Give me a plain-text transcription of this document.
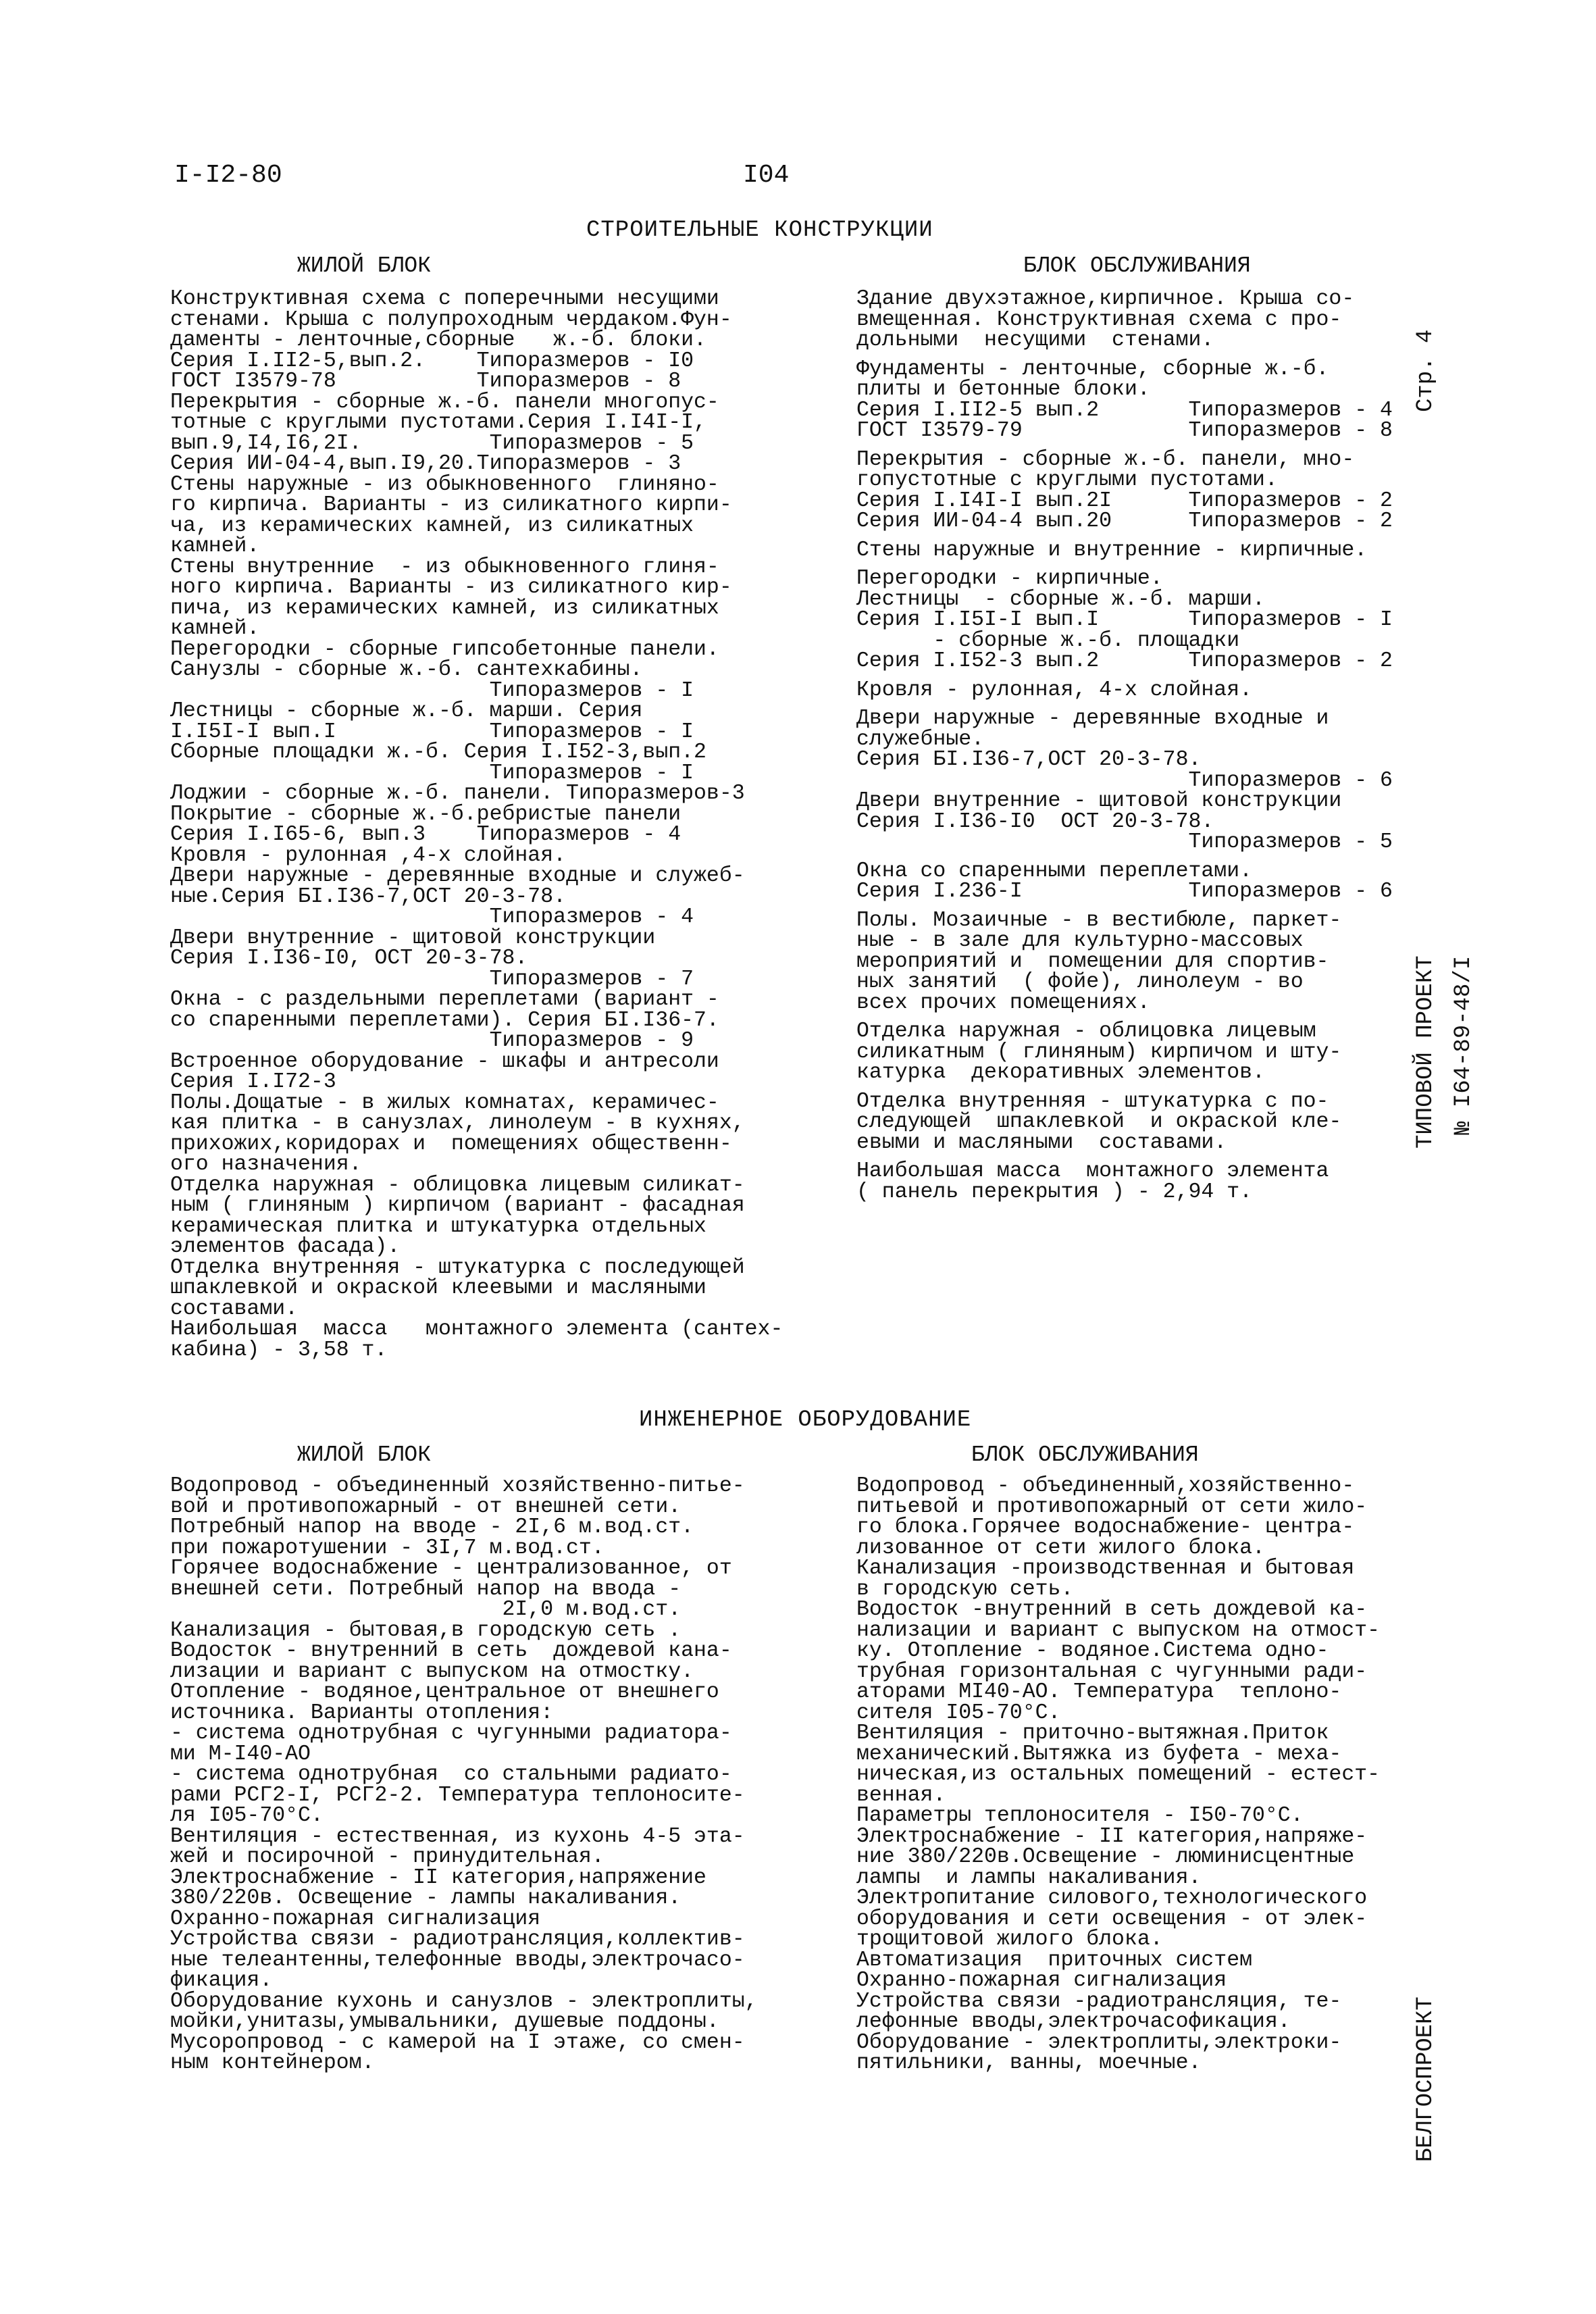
I-I2-80	I04
СТРОИТЕЛЬНЫЕ КОНСТРУКЦИИ
ЖИЛОЙ БЛОК	БЛОК ОБСЛУЖИВАНИЯ
Конструктивная схема с поперечными несущими
стенами. Крыша с полупроходным чердаком.Фун-
даменты - ленточные,сборные   ж.-б. блоки.
Серия I.II2-5,вып.2.    Типоразмеров - I0
ГОСТ I3579-78           Типоразмеров - 8
Перекрытия - сборные ж.-б. панели многопус-
тотные с круглыми пустотами.Серия I.I4I-I,
вып.9,I4,I6,2I.          Типоразмеров - 5
Серия ИИ-04-4,вып.I9,20.Типоразмеров - 3
Стены наружные - из обыкновенного  глиняно-
го кирпича. Варианты - из силикатного кирпи-
ча, из керамических камней, из силикатных
камней.
Стены внутренние  - из обыкновенного глиня-
ного кирпича. Варианты - из силикатного кир-
пича, из керамических камней, из силикатных
камней.
Перегородки - сборные гипсобетонные панели.
Санузлы - сборные ж.-б. сантехкабины.
Типоразмеров - I
Лестницы - сборные ж.-б. марши. Серия
I.I5I-I вып.I            Типоразмеров - I
Сборные площадки ж.-б. Серия I.I52-3,вып.2
Типоразмеров - I
Лоджии - сборные ж.-б. панели. Типоразмеров-3
Покрытие - сборные ж.-б.ребристые панели
Серия I.I65-6, вып.3    Типоразмеров - 4
Кровля - рулонная ,4-х слойная.
Двери наружные - деревянные входные и служеб-
ные.Серия БI.I36-7,ОСТ 20-3-78.
Типоразмеров - 4
Двери внутренние - щитовой конструкции
Серия I.I36-I0, ОСТ 20-3-78.
Типоразмеров - 7
Окна - с раздельными переплетами (вариант -
со спаренными переплетами). Серия БI.I36-7.
Типоразмеров - 9
Встроенное оборудование - шкафы и антресоли
Серия I.I72-3
Полы.Дощатые - в жилых комнатах, керамичес-
кая плитка - в санузлах, линолеум - в кухнях,
прихожих,коридорах и  помещениях общественн-
ого назначения.
Отделка наружная - облицовка лицевым силикат-
ным ( глиняным ) кирпичом (вариант - фасадная
керамическая плитка и штукатурка отдельных
элементов фасада).
Отделка внутренняя - штукатурка с последующей
шпаклевкой и окраской клеевыми и масляными
составами.
Наибольшая  масса   монтажного элемента (сантех-
кабина) - 3,58 т.
Здание двухэтажное,кирпичное. Крыша со-
вмещенная. Конструктивная схема с про-
дольными  несущими  стенами.
Фундаменты - ленточные, сборные ж.-б.
плиты и бетонные блоки.
Серия I.II2-5 вып.2       Типоразмеров - 4
ГОСТ I3579-79             Типоразмеров - 8
Перекрытия - сборные ж.-б. панели, мно-
гопустотные с круглыми пустотами.
Серия I.I4I-I вып.2I      Типоразмеров - 2
Серия ИИ-04-4 вып.20      Типоразмеров - 2
Стены наружные и внутренние - кирпичные.
Перегородки - кирпичные.
Лестницы  - сборные ж.-б. марши.
Серия I.I5I-I вып.I       Типоразмеров - I
- сборные ж.-б. площадки
Серия I.I52-3 вып.2       Типоразмеров - 2
Кровля - рулонная, 4-х слойная.
Двери наружные - деревянные входные и
служебные.
Серия БI.I36-7,ОСТ 20-3-78.
Типоразмеров - 6
Двери внутренние - щитовой конструкции
Серия I.I36-I0  ОСТ 20-3-78.
Типоразмеров - 5
Окна со спаренными переплетами.
Серия I.236-I             Типоразмеров - 6
Полы. Мозаичные - в вестибюле, паркет-
ные - в зале для культурно-массовых
мероприятий и  помещении для спортив-
ных занятий  ( фойе), линолеум - во
всех прочих помещениях.
Отделка наружная - облицовка лицевым
силикатным ( глиняным) кирпичом и шту-
катурка  декоративных элементов.
Отделка внутренняя - штукатурка с по-
следующей  шпаклевкой  и окраской кле-
евыми и масляными  составами.
Наибольшая масса  монтажного элемента
( панель перекрытия ) - 2,94 т.
ИНЖЕНЕРНОЕ ОБОРУДОВАНИЕ
ЖИЛОЙ БЛОК	БЛОК ОБСЛУЖИВАНИЯ
Водопровод - объединенный хозяйственно-питье-
вой и противопожарный - от внешней сети.
Потребный напор на вводе - 2I,6 м.вод.ст.
при пожаротушении - 3I,7 м.вод.ст.
Горячее водоснабжение - централизованное, от
внешней сети. Потребный напор на ввода -
2I,0 м.вод.ст.
Канализация - бытовая,в городскую сеть .
Водосток - внутренний в сеть  дождевой кана-
лизации и вариант с выпуском на отмостку.
Отопление - водяное,центральное от внешнего
источника. Варианты отопления:
- система однотрубная с чугунными радиатора-
ми М-I40-АО
- система однотрубная  со стальными радиато-
рами РСГ2-I, РСГ2-2. Температура теплоносите-
ля I05-70°С.
Вентиляция - естественная, из кухонь 4-5 эта-
жей и посирочной - принудительная.
Электроснабжение - II категория,напряжение
380/220в. Освещение - лампы накаливания.
Охранно-пожарная сигнализация
Устройства связи - радиотрансляция,коллектив-
ные телеантенны,телефонные вводы,электрочасо-
фикация.
Оборудование кухонь и санузлов - электроплиты,
мойки,унитазы,умывальники, душевые поддоны.
Мусоропровод - с камерой на I этаже, со смен-
ным контейнером.
Водопровод - объединенный,хозяйственно-
питьевой и противопожарный от сети жило-
го блока.Горячее водоснабжение- центра-
лизованное от сети жилого блока.
Канализация -производственная и бытовая
в городскую сеть.
Водосток -внутренний в сеть дождевой ка-
нализации и вариант с выпуском на отмост-
ку. Отопление - водяное.Система одно-
трубная горизонтальная с чугунными ради-
аторами МI40-АО. Температура  теплоно-
сителя I05-70°С.
Вентиляция - приточно-вытяжная.Приток
механический.Вытяжка из буфета - меха-
ническая,из остальных помещений - естест-
венная.
Параметры теплоносителя - I50-70°С.
Электроснабжение - II категория,напряже-
ние 380/220в.Освещение - люминисцентные
лампы  и лампы накаливания.
Электропитание силового,технологического
оборудования и сети освещения - от элек-
трощитовой жилого блока.
Автоматизация  приточных систем
Охранно-пожарная сигнализация
Устройства связи -радиотрансляция, те-
лефонные вводы,электрочасофикация.
Оборудование - электроплиты,электроки-
пятильники, ванны, моечные.
Стр. 4
ТИПОВОЙ ПРОЕКТ № I64-89-48/I
БЕЛГОСПРОЕКТ
